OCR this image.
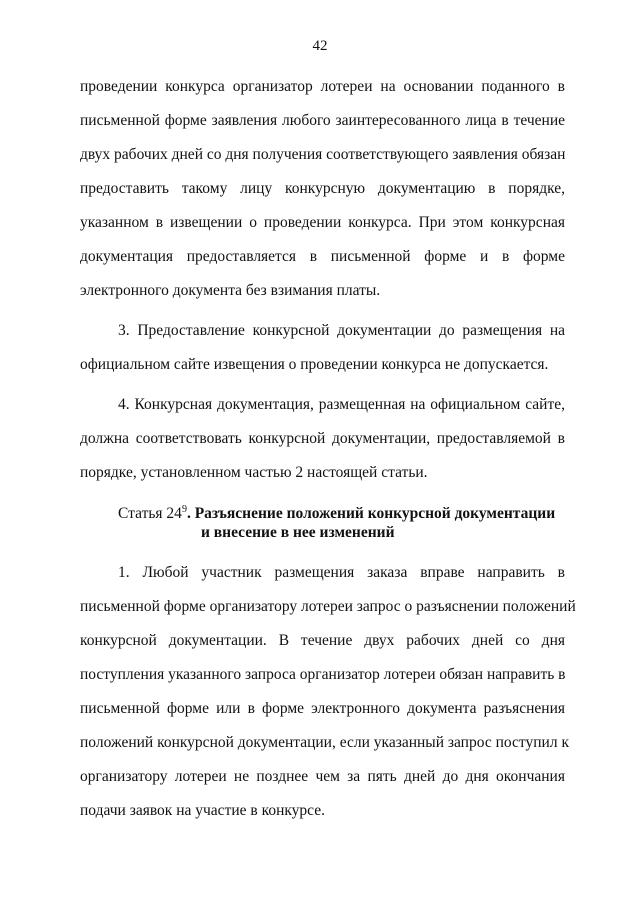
42
проведении конкурса организатор лотереи на основании поданного в
письменной форме заявления любого заинтересованного лица в течение
двух рабочих дней со дня получения соответствующего заявления обязан
предоставить такому лицу конкурсную документацию в порядке,
указанном в извещении о проведении конкурса. При этом конкурсная
документация предоставляется в письменной форме и в форме
электронного документа без взимания платы.
3. Предоставление конкурсной документации до размещения на
официальном сайте извещения о проведении конкурса не допускается.
4. Конкурсная документация, размещенная на официальном сайте,
должна соответствовать конкурсной документации, предоставляемой в
порядке, установленном частью 2 настоящей статьи.
Статья $24^9$. Разъяснение положений конкурсной документации
и внесение в нее изменений
1. Любой участник размещения заказа вправе направить в
письменной форме организатору лотереи запрос о разъяснении положений
конкурсной документации. В течение двух рабочих дней со дня
поступления указанного запроса организатор лотереи обязан направить в
письменной форме или в форме электронного документа разъяснения
положений конкурсной документации, если указанный запрос поступил к
организатору лотереи не позднее чем за пять дней до дня окончания
подачи заявок на участие в конкурсе.
